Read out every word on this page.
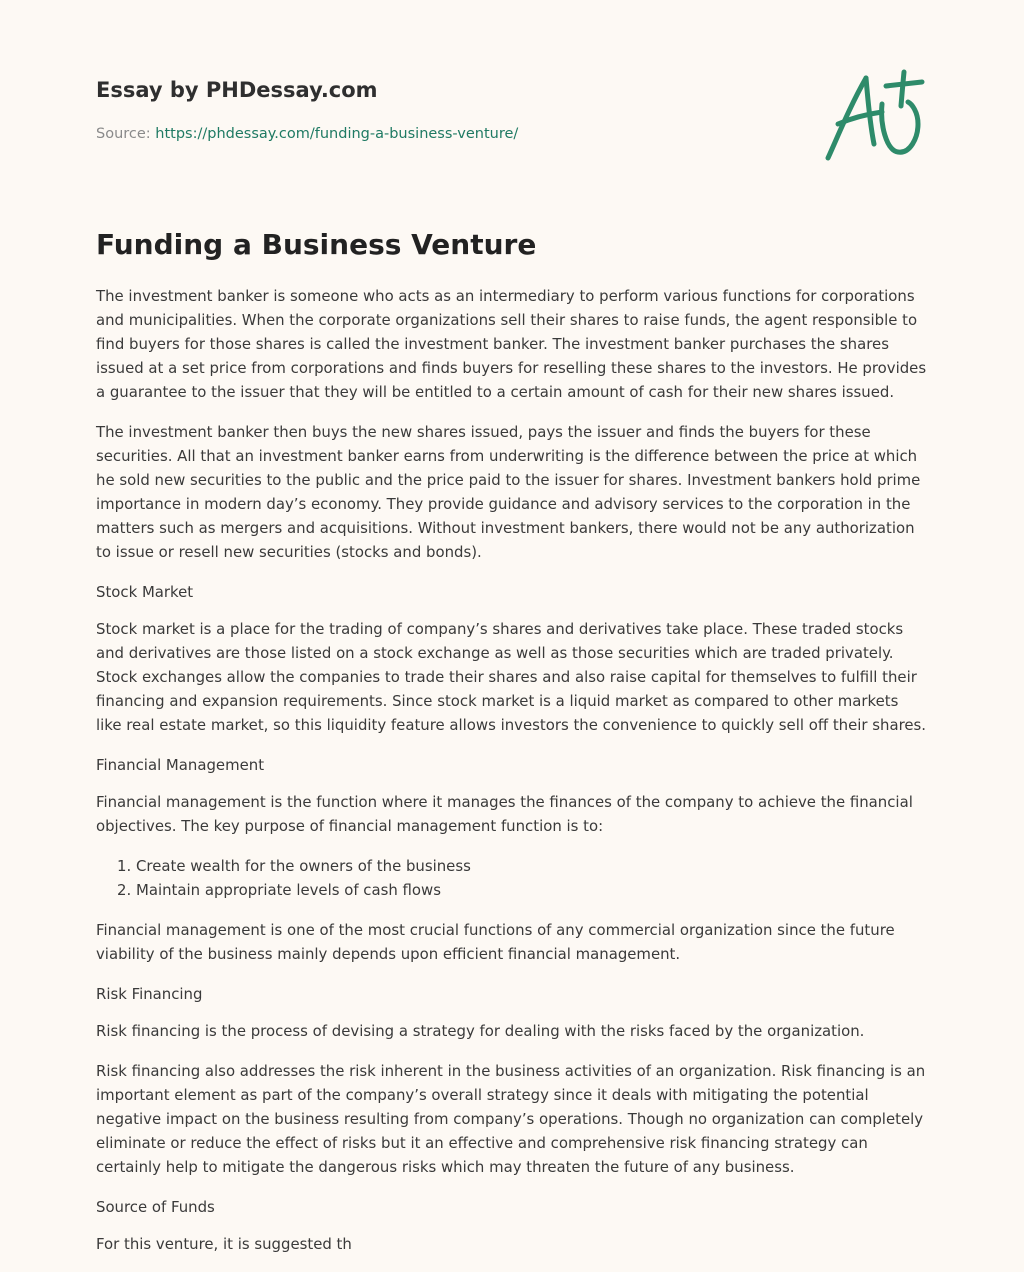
Essay by PHDessay.com
Source: https://phdessay.com/funding-a-business-venture/
Funding a Business Venture

The investment banker is someone who acts as an intermediary to perform various functions for corporations and municipalities. When the corporate organizations sell their shares to raise funds, the agent responsible to find buyers for those shares is called the investment banker. The investment banker purchases the shares issued at a set price from corporations and finds buyers for reselling these shares to the investors. He provides a guarantee to the issuer that they will be entitled to a certain amount of cash for their new shares issued.

The investment banker then buys the new shares issued, pays the issuer and finds the buyers for these securities. All that an investment banker earns from underwriting is the difference between the price at which he sold new securities to the public and the price paid to the issuer for shares. Investment bankers hold prime importance in modern day’s economy. They provide guidance and advisory services to the corporation in the matters such as mergers and acquisitions. Without investment bankers, there would not be any authorization to issue or resell new securities (stocks and bonds).

Stock Market

Stock market is a place for the trading of company’s shares and derivatives take place. These traded stocks and derivatives are those listed on a stock exchange as well as those securities which are traded privately. Stock exchanges allow the companies to trade their shares and also raise capital for themselves to fulfill their financing and expansion requirements. Since stock market is a liquid market as compared to other markets like real estate market, so this liquidity feature allows investors the convenience to quickly sell off their shares.

Financial Management

Financial management is the function where it manages the finances of the company to achieve the financial objectives. The key purpose of financial management function is to:

1. Create wealth for the owners of the business
2. Maintain appropriate levels of cash flows

Financial management is one of the most crucial functions of any commercial organization since the future viability of the business mainly depends upon efficient financial management.

Risk Financing

Risk financing is the process of devising a strategy for dealing with the risks faced by the organization.

Risk financing also addresses the risk inherent in the business activities of an organization. Risk financing is an important element as part of the company’s overall strategy since it deals with mitigating the potential negative impact on the business resulting from company’s operations. Though no organization can completely eliminate or reduce the effect of risks but it an effective and comprehensive risk financing strategy can certainly help to mitigate the dangerous risks which may threaten the future of any business.

Source of Funds

For this venture, it is suggested th
